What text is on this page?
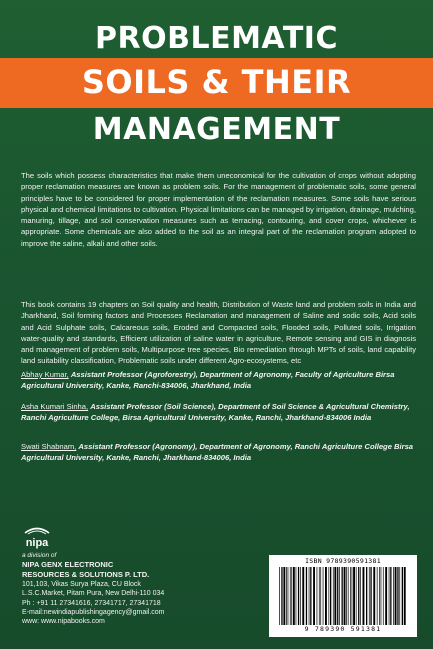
PROBLEMATIC
SOILS & THEIR
MANAGEMENT

The soils which possess characteristics that make them uneconomical for the cultivation of crops without adopting proper reclamation measures are known as problem soils. For the management of problematic soils, some general principles have to be considered for proper implementation of the reclamation measures. Some soils have serious physical and chemical limitations to cultivation. Physical limitations can be managed by irrigation, drainage, mulching, manuring, tillage, and soil conservation measures such as terracing, contouring, and cover crops, whichever is appropriate. Some chemicals are also added to the soil as an integral part of the reclamation program adopted to improve the saline, alkali and other soils.

This book contains 19 chapters on Soil quality and health, Distribution of Waste land and problem soils in India and Jharkhand, Soil forming factors and Processes Reclamation and management of Saline and sodic soils, Acid soils and Acid Sulphate soils, Calcareous soils, Eroded and Compacted soils, Flooded soils, Polluted soils, Irrigation water-quality and standards, Efficient utilization of saline water in agriculture, Remote sensing and GIS in diagnosis and management of problem soils, Multipurpose tree species, Bio remediation through MPTs of soils, land capability land suitability classification, Problematic soils under different Agro-ecosystems, etc

Abhay Kumar, Assistant Professor (Agroforestry), Department of Agronomy, Faculty of Agriculture Birsa Agricultural University, Kanke, Ranchi-834006, Jharkhand, India
Asha Kumari Sinha, Assistant Professor (Soil Science), Department of Soil Science & Agricultural Chemistry, Ranchi Agriculture College, Birsa Agricultural University, Kanke, Ranchi, Jharkhand-834006 India
Swati Shabnam, Assistant Professor (Agronomy), Department of Agronomy, Ranchi Agriculture College Birsa Agricultural University, Kanke, Ranchi, Jharkhand-834006, India
nipa
a division of
NIPA GENX ELECTRONIC
RESOURCES & SOLUTIONS P. LTD.
101,103, Vikas Surya Plaza, CU Block
L.S.C.Market, Pitam Pura, New Delhi-110 034
Ph : +91 11 27341616, 27341717, 27341718
E-mail:newindiapublishingagency@gmail.com
www: www.nipabooks.com
ISBN 9789390591381
9 789390 591381
